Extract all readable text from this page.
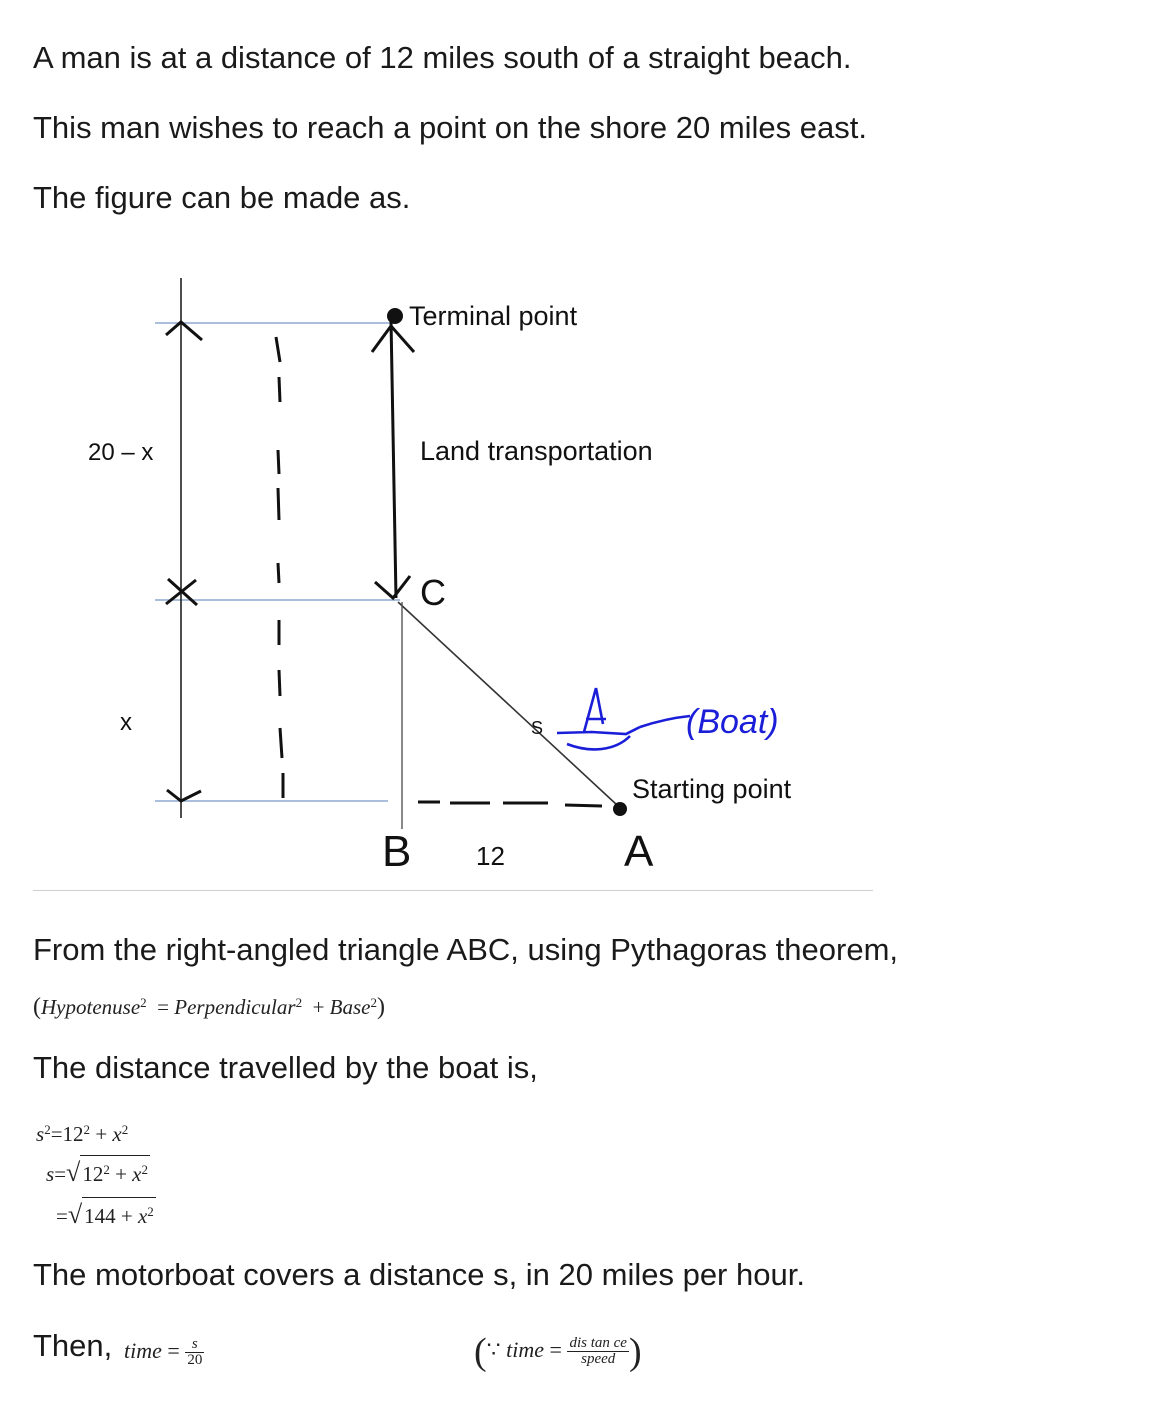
A man is at a distance of 12 miles south of a straight beach.
This man wishes to reach a point on the shore 20 miles east.
The figure can be made as.
Terminal point
Land transportation
20 – x
x
C
S	(Boat)
Starting point
B 12	A
From the right-angled triangle ABC, using Pythagoras theorem,
(Hypotenuse$^2$  = Perpendicular$^2$  + Base$^2$)
The distance travelled by the boat is,
$s^2=12^2 + x^2$
$s=√12^2 + x^2$
$=√144 + x^2$
The motorboat covers a distance s, in 20 miles per hour.
Then, time = $\frac{s}{20}$	(∵ time = $\frac{\text{dis tan ce}}{\text{speed}}$ )
